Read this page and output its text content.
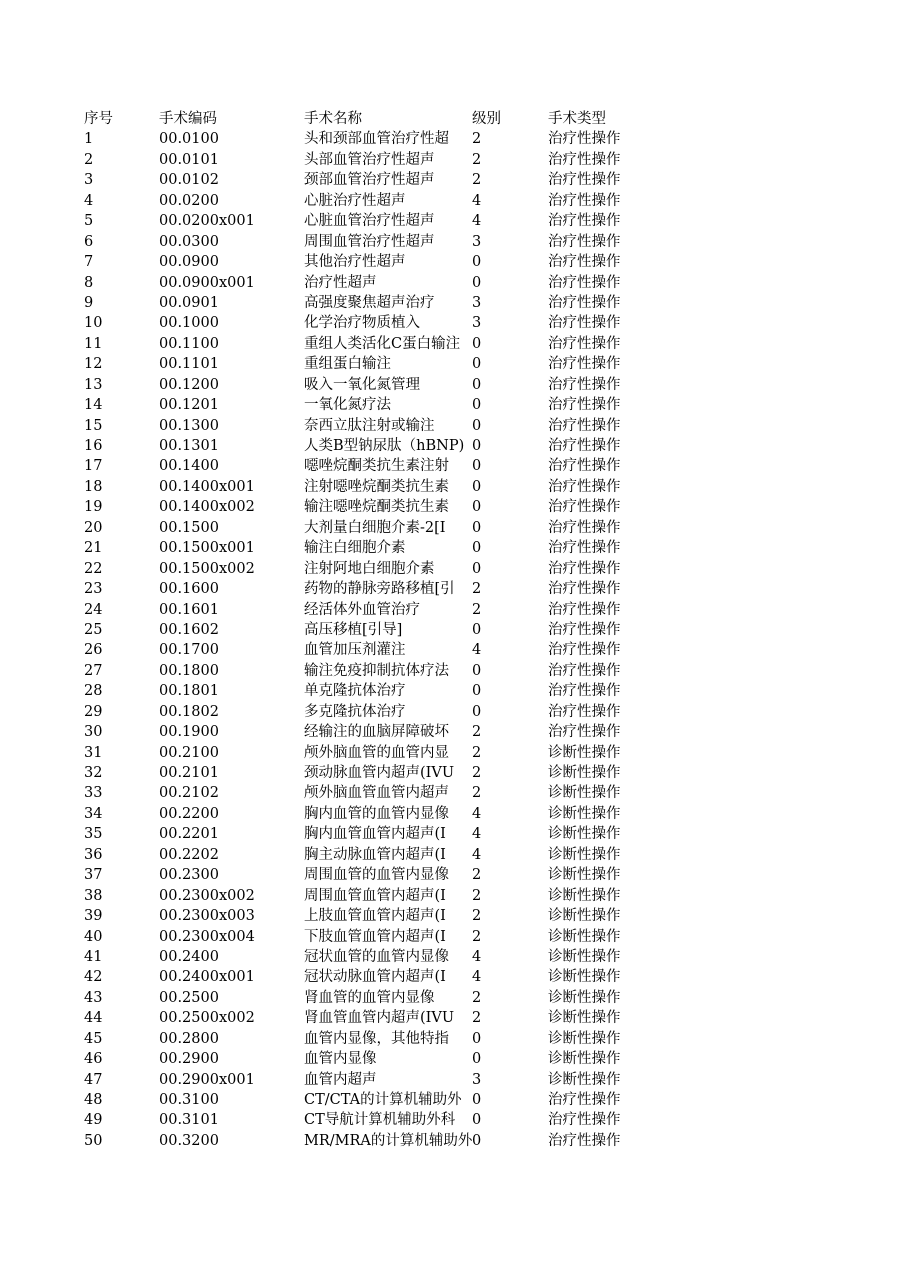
序号	手术编码	手术名称	级别	手术类型
1	00.0100	头和颈部血管治疗性超	2	治疗性操作
2	00.0101	头部血管治疗性超声	2	治疗性操作
3	00.0102	颈部血管治疗性超声	2	治疗性操作
4	00.0200	心脏治疗性超声	4	治疗性操作
5	00.0200x001	心脏血管治疗性超声	4	治疗性操作
6	00.0300	周围血管治疗性超声	3	治疗性操作
7	00.0900	其他治疗性超声	0	治疗性操作
8	00.0900x001	治疗性超声	0	治疗性操作
9	00.0901	高强度聚焦超声治疗	3	治疗性操作
10	00.1000	化学治疗物质植入	3	治疗性操作
11	00.1100	重组人类活化C蛋白输注 0	治疗性操作
12	00.1101	重组蛋白输注	0	治疗性操作
13	00.1200	吸入一氧化氮管理	0	治疗性操作
14	00.1201	一氧化氮疗法	0	治疗性操作
15	00.1300	奈西立肽注射或输注	0	治疗性操作
16	00.1301	人类B型钠尿肽（hBNP) 0	治疗性操作
17	00.1400	噁唑烷酮类抗生素注射	0	治疗性操作
18	00.1400x001	注射噁唑烷酮类抗生素	0	治疗性操作
19	00.1400x002	输注噁唑烷酮类抗生素	0	治疗性操作
20	00.1500	大剂量白细胞介素-2[I	0	治疗性操作
21	00.1500x001	输注白细胞介素	0	治疗性操作
22	00.1500x002	注射阿地白细胞介素	0	治疗性操作
23	00.1600	药物的静脉旁路移植[引	2	治疗性操作
24	00.1601	经活体外血管治疗	2	治疗性操作
25	00.1602	高压移植[引导]	0	治疗性操作
26	00.1700	血管加压剂灌注	4	治疗性操作
27	00.1800	输注免疫抑制抗体疗法	0	治疗性操作
28	00.1801	单克隆抗体治疗	0	治疗性操作
29	00.1802	多克隆抗体治疗	0	治疗性操作
30	00.1900	经输注的血脑屏障破坏	2	治疗性操作
31	00.2100	颅外脑血管的血管内显	2	诊断性操作
32	00.2101	颈动脉血管内超声(IVU	2	诊断性操作
33	00.2102	颅外脑血管血管内超声	2	诊断性操作
34	00.2200	胸内血管的血管内显像	4	诊断性操作
35	00.2201	胸内血管血管内超声(I	4	诊断性操作
36	00.2202	胸主动脉血管内超声(I	4	诊断性操作
37	00.2300	周围血管的血管内显像	2	诊断性操作
38	00.2300x002	周围血管血管内超声(I	2	诊断性操作
39	00.2300x003	上肢血管血管内超声(I	2	诊断性操作
40	00.2300x004	下肢血管血管内超声(I	2	诊断性操作
41	00.2400	冠状血管的血管内显像	4	诊断性操作
42	00.2400x001	冠状动脉血管内超声(I	4	诊断性操作
43	00.2500	肾血管的血管内显像	2	诊断性操作
44	00.2500x002	肾血管血管内超声(IVU	2	诊断性操作
45	00.2800	血管内显像，其他特指	0	诊断性操作
46	00.2900	血管内显像	0	诊断性操作
47	00.2900x001	血管内超声	3	诊断性操作
48	00.3100	CT/CTA的计算机辅助外 0	治疗性操作
49	00.3101	CT导航计算机辅助外科	0	治疗性操作
50	00.3200	MR/MRA的计算机辅助外 0	治疗性操作
